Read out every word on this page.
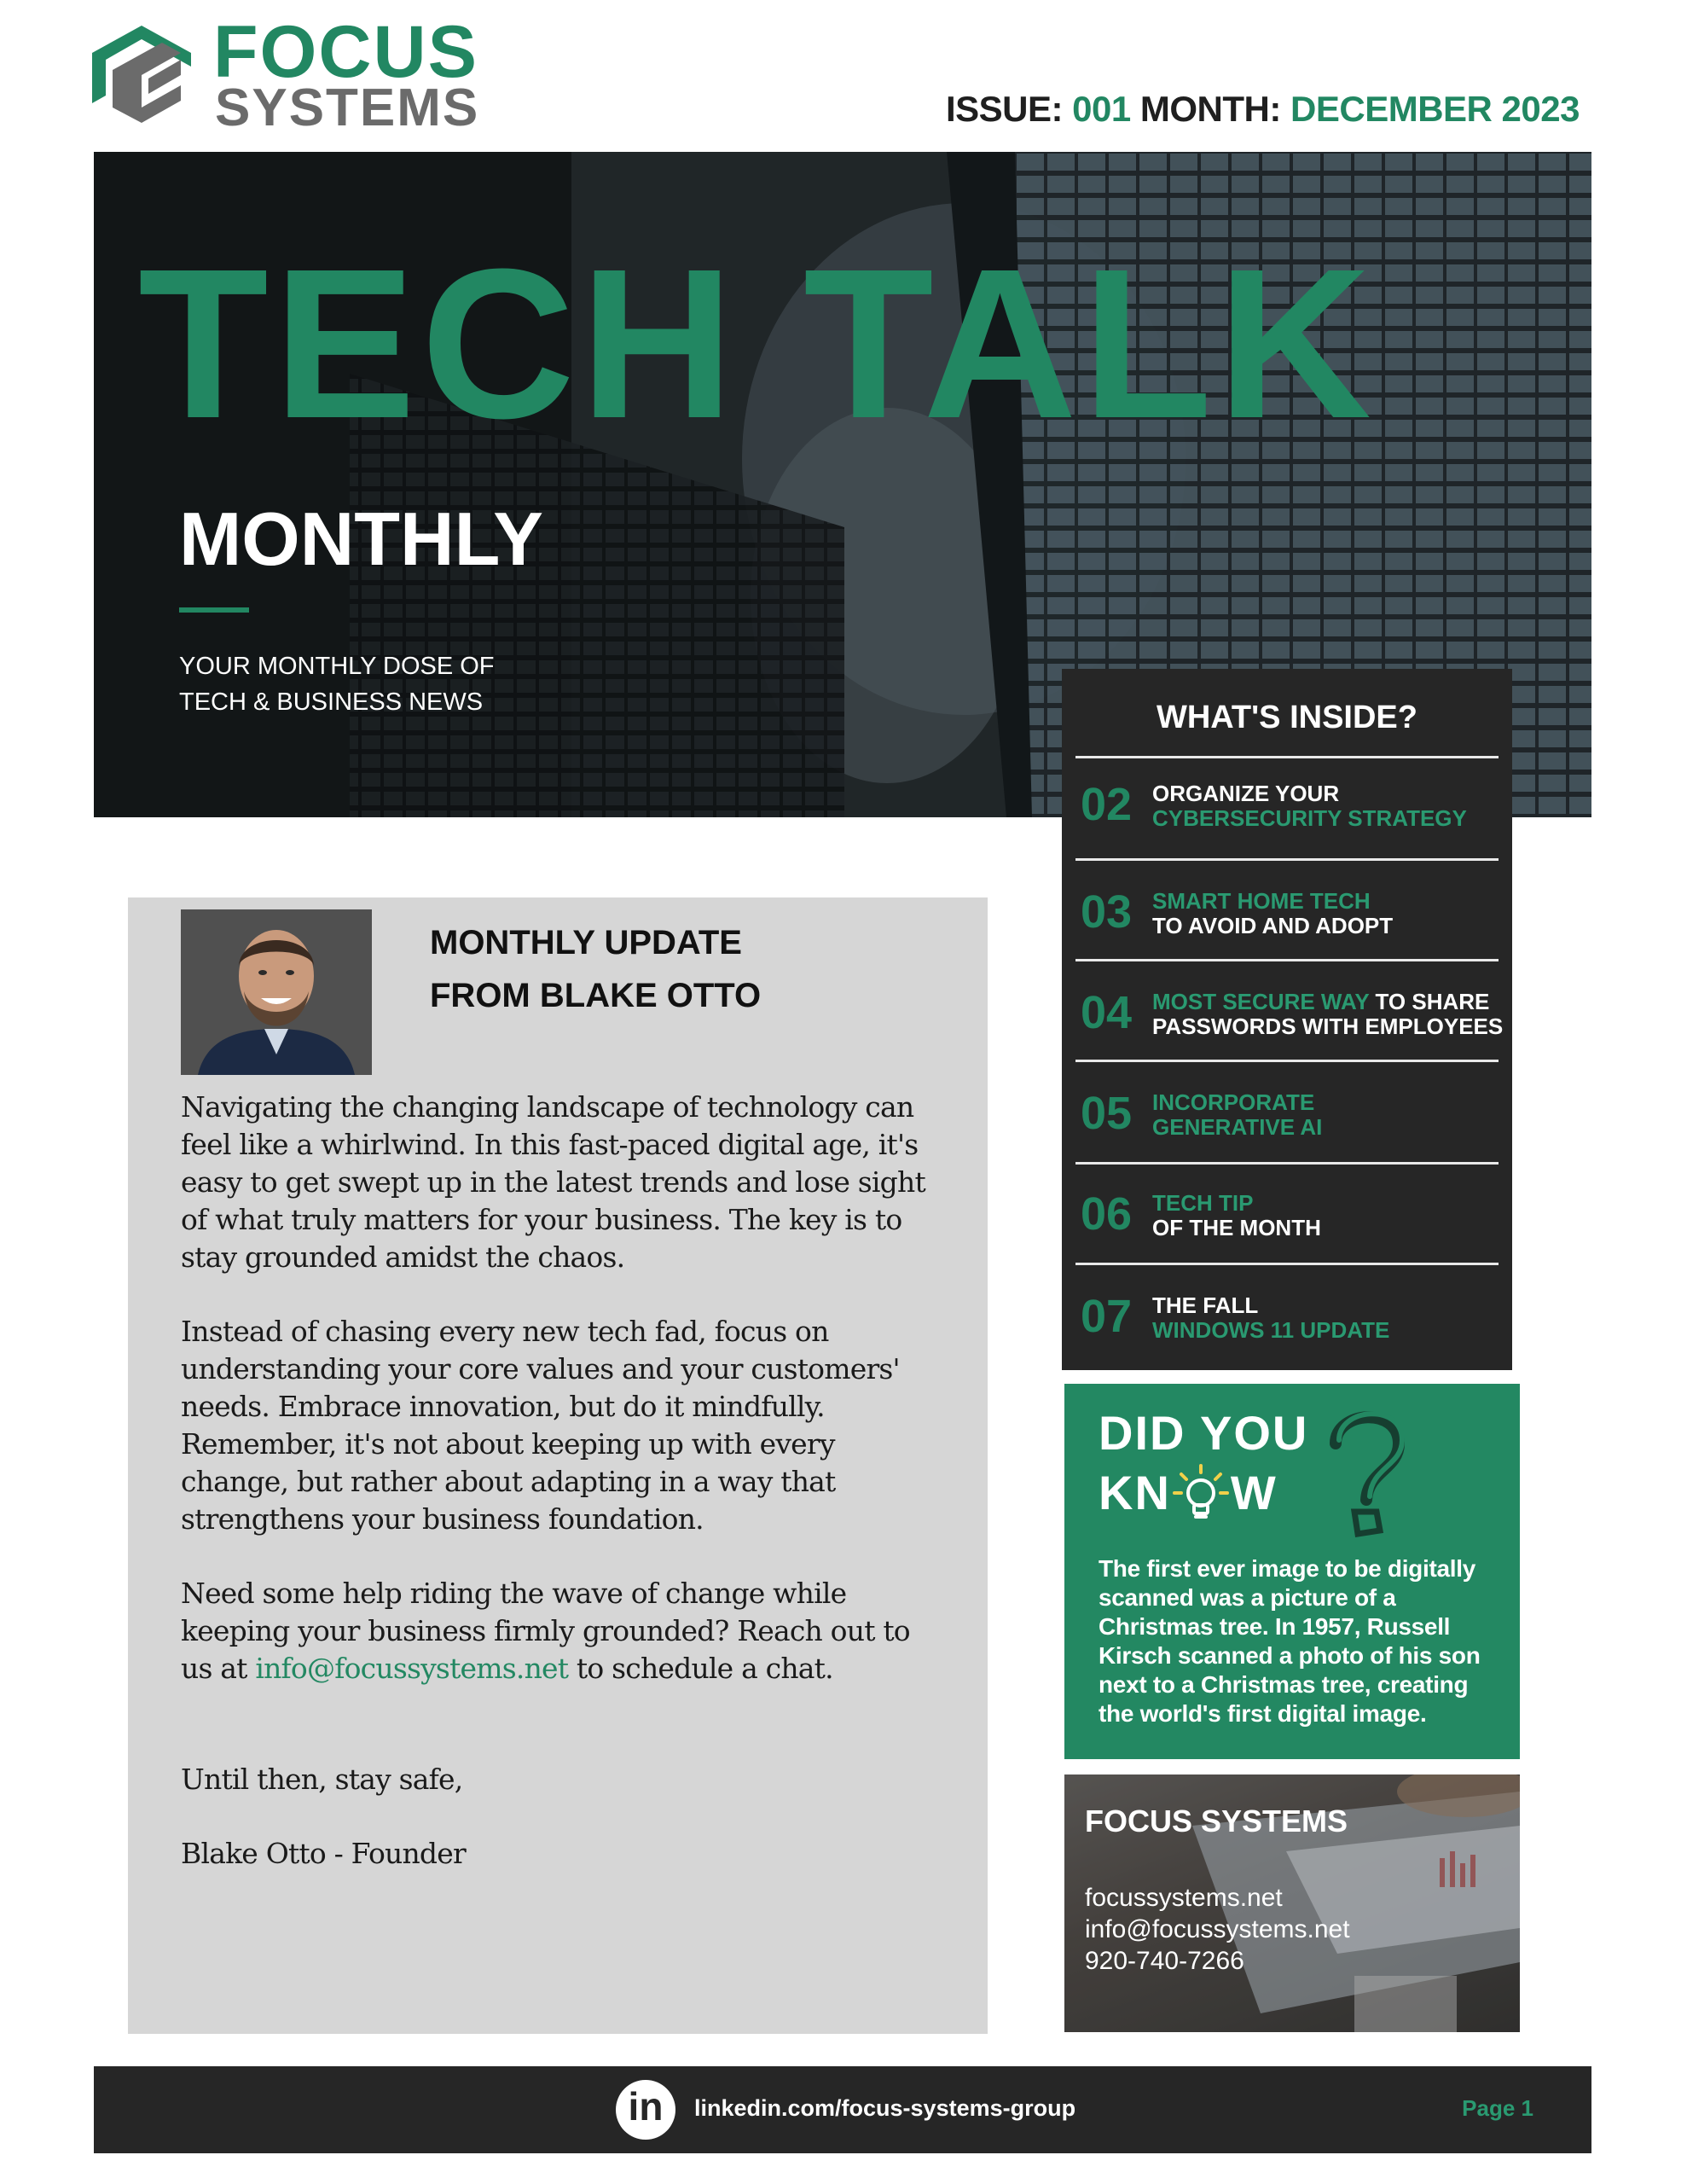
FOCUS
SYSTEMS	ISSUE: 001 MONTH: DECEMBER 2023
TECH TALK
MONTHLY
YOUR MONTHLY DOSE OF
TECH & BUSINESS NEWS	WHAT'S INSIDE?
02 ORGANIZE YOUR
CYBERSECURITY STRATEGY
03 SMART HOME TECH
TO AVOID AND ADOPT
04 MOST SECURE WAY TO SHARE
PASSWORDS WITH EMPLOYEES
05 INCORPORATE
GENERATIVE AI
06 TECH TIP
OF THE MONTH
07 THE FALL
WINDOWS 11 UPDATE
DID YOU
KN W
The first ever image to be digitally scanned was a picture of a Christmas tree. In 1957, Russell Kirsch scanned a photo of his son next to a Christmas tree, creating the world's first digital image.
FOCUS SYSTEMS
focussystems.net
info@focussystems.net
920-740-7266
MONTHLY UPDATE
FROM BLAKE OTTO

Navigating the changing landscape of technology can feel like a whirlwind. In this fast-paced digital age, it's easy to get swept up in the latest trends and lose sight of what truly matters for your business. The key is to stay grounded amidst the chaos.

Instead of chasing every new tech fad, focus on understanding your core values and your customers' needs. Embrace innovation, but do it mindfully. Remember, it's not about keeping up with every change, but rather about adapting in a way that strengthens your business foundation.

Need some help riding the wave of change while keeping your business firmly grounded? Reach out to us at info@focussystems.net to schedule a chat.

Until then, stay safe,

Blake Otto - Founder

in	linkedin.com/focus-systems-group	Page 1
